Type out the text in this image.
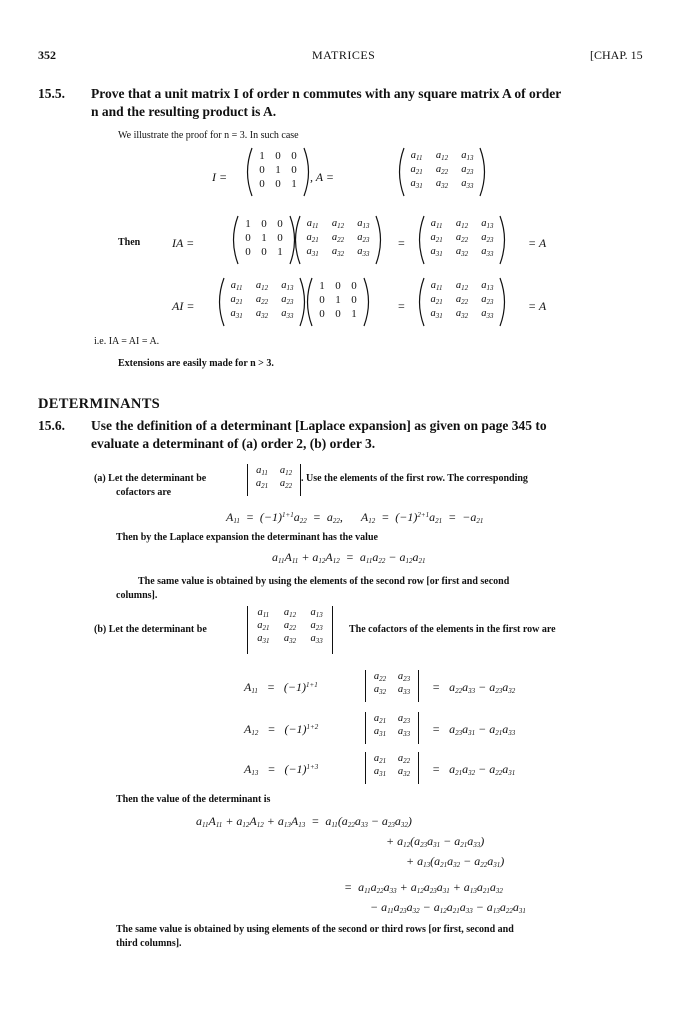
352	MATRICES	[CHAP. 15
15.5. Prove that a unit matrix I of order n commutes with any square matrix A of order
n and the resulting product is A.
We illustrate the proof for n = 3. In such case
I =
1 0 0
0 1 0
0 0 1	, A =
$a_{11}$	$a_{12}$	$a_{13}$
$a_{21}$	$a_{22}$	$a_{23}$
$a_{31}$	$a_{32}$	$a_{33}$
Then	IA =
1 0 0
0 1 0
0 0 1
$a_{11}$	$a_{12}$	$a_{13}$
$a_{21}$	$a_{22}$	$a_{23}$
$a_{31}$	$a_{32}$	$a_{33}$
=
$a_{11}$	$a_{12}$	$a_{13}$
$a_{21}$	$a_{22}$	$a_{23}$
$a_{31}$	$a_{32}$	$a_{33}$
= A
AI =
$a_{11}$	$a_{12}$	$a_{13}$
$a_{21}$	$a_{22}$	$a_{23}$
$a_{31}$	$a_{32}$	$a_{33}$
1 0 0
0 1 0
0 0 1
=
$a_{11}$	$a_{12}$	$a_{13}$
$a_{21}$	$a_{22}$	$a_{23}$
$a_{31}$	$a_{32}$	$a_{33}$
= A
i.e. IA = AI = A.
Extensions are easily made for n > 3.
DETERMINANTS
15.6. Use the definition of a determinant [Laplace expansion] as given on page 345 to
evaluate a determinant of (a) order 2, (b) order 3.
(a) Let the determinant be
$a_{11}$	$a_{12}$
$a_{21}$	$a_{22}$
. Use the elements of the first row. The corresponding
cofactors are
$A_{11} = (-1)^{1+1}a_{22} = a_{22}$,      $A_{12} = (-1)^{2+1}a_{21} = -a_{21}$
Then by the Laplace expansion the determinant has the value
$a_{11}A_{11} + a_{12}A_{12} = a_{11}a_{22} - a_{12}a_{21}$
The same value is obtained by using the elements of the second row [or first and second
columns].
(b) Let the determinant be
$a_{11}$	$a_{12}$	$a_{13}$
$a_{21}$	$a_{22}$	$a_{23}$
$a_{31}$	$a_{32}$	$a_{33}$
The cofactors of the elements in the first row are
$A_{11} = (-1)^{1+1}$
$a_{22}$	$a_{23}$
$a_{32}$	$a_{33}$	=   $a_{22}a_{33} - a_{23}a_{32}$
$A_{12} = (-1)^{1+2}$
$a_{21}$	$a_{23}$
$a_{31}$	$a_{33}$	=   $a_{23}a_{31} - a_{21}a_{33}$
$A_{13} = (-1)^{1+3}$
$a_{21}$	$a_{22}$
$a_{31}$	$a_{32}$	=   $a_{21}a_{32} - a_{22}a_{31}$
Then the value of the determinant is
$a_{11}A_{11} + a_{12}A_{12} + a_{13}A_{13} = a_{11}(a_{22}a_{33} - a_{23}a_{32})$
+ $a_{12}(a_{23}a_{31} - a_{21}a_{33})$
+ $a_{13}(a_{21}a_{32} - a_{22}a_{31})$
=  $a_{11}a_{22}a_{33} + a_{12}a_{23}a_{31} + a_{13}a_{21}a_{32}$
− $a_{11}a_{23}a_{32} - a_{12}a_{21}a_{33} - a_{13}a_{22}a_{31}$
The same value is obtained by using elements of the second or third rows [or first, second and
third columns].
